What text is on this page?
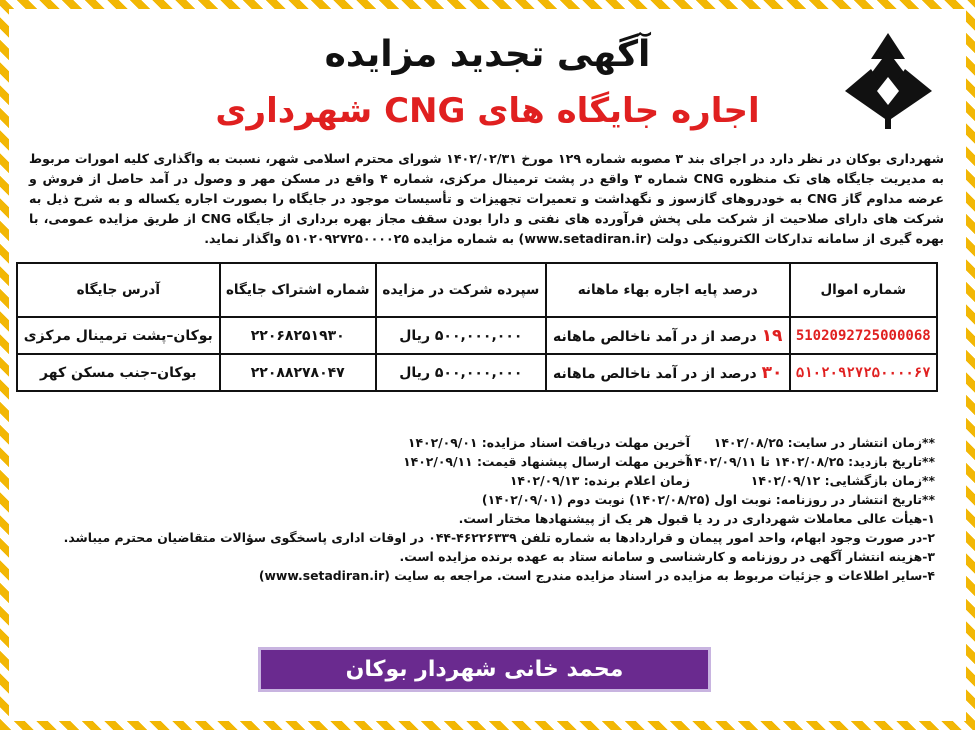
آگهی تجدید مزایده
اجاره جایگاه های CNG شهرداری
شهرداری بوکان در نظر دارد در اجرای بند ۳ مصوبه شماره ۱۲۹ مورخ ۱۴۰۲/۰۲/۳۱ شورای محترم اسلامی شهر، نسبت به واگذاری کلیه امورات مربوط به مدیریت جایگاه های تک منظوره CNG شماره ۳ واقع در پشت ترمینال مرکزی، شماره ۴ واقع در مسکن مهر و وصول در آمد حاصل از فروش و عرضه مداوم گاز CNG به خودروهای گازسوز و نگهداشت و تعمیرات تجهیزات و تأسیسات موجود در جایگاه را بصورت اجاره یکساله و به شرح ذیل به شرکت های دارای صلاحیت از شرکت ملی پخش فرآورده های نفتی و دارا بودن سقف مجاز بهره برداری از جایگاه CNG از طریق مزایده عمومی، با بهره گیری از سامانه تدارکات الکترونیکی دولت (www.setadiran.ir) به شماره مزایده ۵۱۰۲۰۹۲۷۲۵۰۰۰۰۲۵ واگذار نماید.
شماره اموال	درصد پایه اجاره بهاء ماهانه	سپرده شرکت در مزایده	شماره اشتراک جایگاه	آدرس جایگاه
5102092725000068	۱۹ درصد از در آمد ناخالص ماهانه	۵۰۰,۰۰۰,۰۰۰ ریال	۲۲۰۶۸۲۵۱۹۳۰	بوکان–پشت ترمینال مرکزی
۵۱۰۲۰۹۲۷۲۵۰۰۰۰۶۷	۳۰ درصد از در آمد ناخالص ماهانه	۵۰۰,۰۰۰,۰۰۰ ریال	۲۲۰۸۸۲۷۸۰۴۷	بوکان–جنب مسکن کهر

**زمان انتشار در سایت: ۱۴۰۲/۰۸/۲۵
آخرین مهلت دریافت اسناد مزایده: ۱۴۰۲/۰۹/۰۱

**تاریخ بازدید: ۱۴۰۲/۰۸/۲۵ تا ۱۴۰۲/۰۹/۱۱
آخرین مهلت ارسال پیشنهاد قیمت: ۱۴۰۲/۰۹/۱۱

**زمان بازگشایی: ۱۴۰۲/۰۹/۱۲
زمان اعلام برنده: ۱۴۰۲/۰۹/۱۳

**تاریخ انتشار در روزنامه: نوبت اول (۱۴۰۲/۰۸/۲۵) نوبت دوم (۱۴۰۲/۰۹/۰۱)

۱-هیأت عالی معاملات شهرداری در رد یا قبول هر یک از پیشنهادها مختار است.

۲-در صورت وجود ابهام، واحد امور پیمان و قراردادها به شماره تلفن ۴۶۲۲۶۳۳۹-۰۴۴ در اوقات اداری پاسخگوی سؤالات متقاضیان محترم میباشد.

۳-هزینه انتشار آگهی در روزنامه و کارشناسی و سامانه ستاد به عهده برنده مزایده است.

۴-سایر اطلاعات و جزئیات مربوط به مزایده در اسناد مزایده مندرج است. مراجعه به سایت (www.setadiran.ir)

محمد خانی شهردار بوکان
